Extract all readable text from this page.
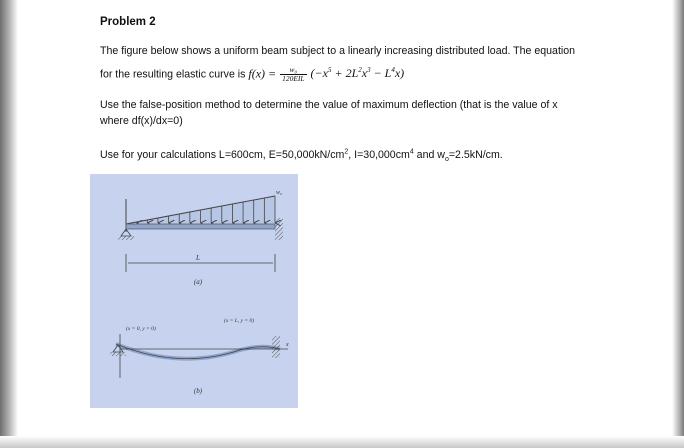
Problem 2
The figure below shows a uniform beam subject to a linearly increasing distributed load. The equation
for the resulting elastic curve is $f(x) = \frac{\text{w₀}}{\text{120EIL}} (-x^5 + 2L^2x^3 - L^4x)$
Use the false-position method to determine the value of maximum deflection (that is the value of x
where df(x)/dx=0)
Use for your calculations L=600cm, $E=50,000kN/cm^2$, $I=30,000cm^4$ and $w_o=2.5kN/cm$.
L
w₀
(a)
(x = 0, y = 0)
(x = L, y = 0)
x
(b)
